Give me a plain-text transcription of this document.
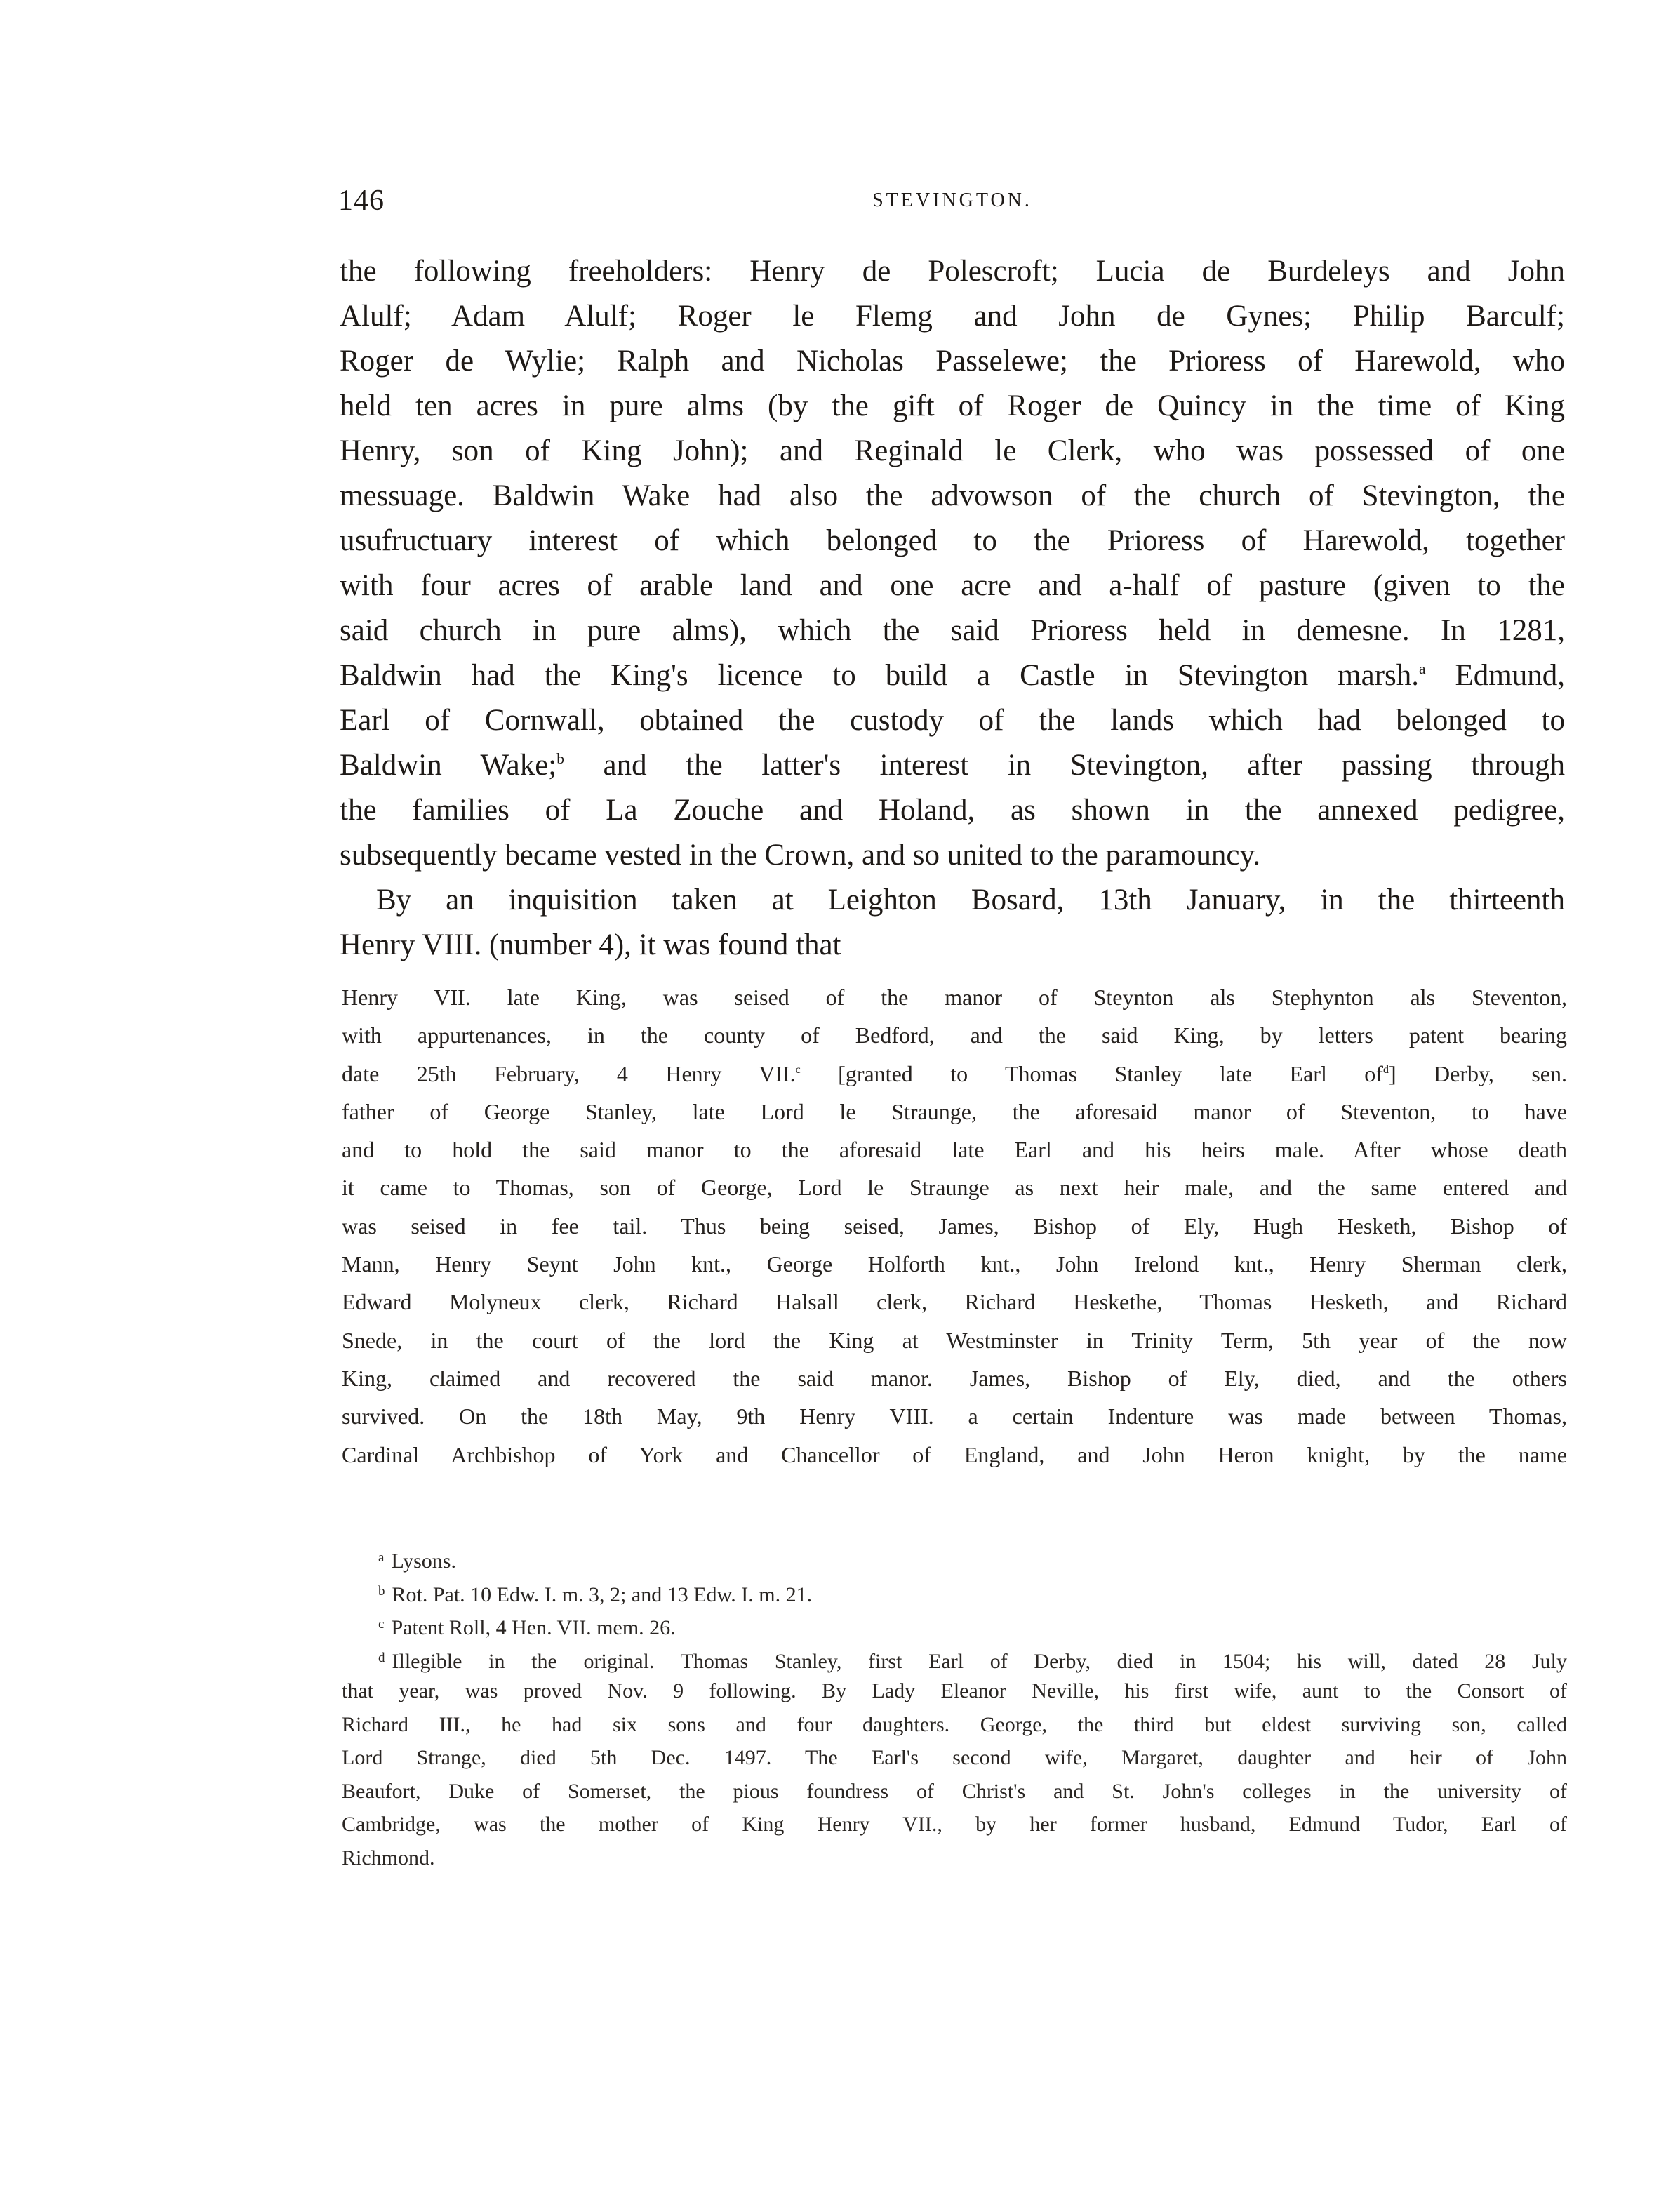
146	STEVINGTON.
the following freeholders: Henry de Polescroft; Lucia de Burdeleys and John
Alulf; Adam Alulf; Roger le Flemg and John de Gynes; Philip Barculf;
Roger de Wylie; Ralph and Nicholas Passelewe; the Prioress of Harewold, who
held ten acres in pure alms (by the gift of Roger de Quincy in the time of King
Henry, son of King John); and Reginald le Clerk, who was possessed of one
messuage. Baldwin Wake had also the advowson of the church of Stevington, the
usufructuary interest of which belonged to the Prioress of Harewold, together
with four acres of arable land and one acre and a-half of pasture (given to the
said church in pure alms), which the said Prioress held in demesne. In 1281,
Baldwin had the King's licence to build a Castle in Stevington marsh.$^a$ Edmund,
Earl of Cornwall, obtained the custody of the lands which had belonged to
Baldwin Wake;$^b$ and the latter's interest in Stevington, after passing through
the families of La Zouche and Holand, as shown in the annexed pedigree,
subsequently became vested in the Crown, and so united to the paramouncy.
By an inquisition taken at Leighton Bosard, 13th January, in the thirteenth
Henry VIII. (number 4), it was found that
Henry VII. late King, was seised of the manor of Steynton als Stephynton als Steventon,
with appurtenances, in the county of Bedford, and the said King, by letters patent bearing
date 25th February, 4 Henry VII.$^c$ [granted to Thomas Stanley late Earl of$^d$] Derby, sen.
father of George Stanley, late Lord le Straunge, the aforesaid manor of Steventon, to have
and to hold the said manor to the aforesaid late Earl and his heirs male. After whose death
it came to Thomas, son of George, Lord le Straunge as next heir male, and the same entered and
was seised in fee tail. Thus being seised, James, Bishop of Ely, Hugh Hesketh, Bishop of
Mann, Henry Seynt John knt., George Holforth knt., John Irelond knt., Henry Sherman clerk,
Edward Molyneux clerk, Richard Halsall clerk, Richard Heskethe, Thomas Hesketh, and Richard
Snede, in the court of the lord the King at Westminster in Trinity Term, 5th year of the now
King, claimed and recovered the said manor. James, Bishop of Ely, died, and the others
survived. On the 18th May, 9th Henry VIII. a certain Indenture was made between Thomas,
Cardinal Archbishop of York and Chancellor of England, and John Heron knight, by the name
$^a$ Lysons.
$^b$ Rot. Pat. 10 Edw. I. m. 3, 2; and 13 Edw. I. m. 21.
$^c$ Patent Roll, 4 Hen. VII. mem. 26.
$^d$ Illegible in the original. Thomas Stanley, first Earl of Derby, died in 1504; his will, dated 28 July
that year, was proved Nov. 9 following. By Lady Eleanor Neville, his first wife, aunt to the Consort of
Richard III., he had six sons and four daughters. George, the third but eldest surviving son, called
Lord Strange, died 5th Dec. 1497. The Earl's second wife, Margaret, daughter and heir of John
Beaufort, Duke of Somerset, the pious foundress of Christ's and St. John's colleges in the university of
Cambridge, was the mother of King Henry VII., by her former husband, Edmund Tudor, Earl of
Richmond.
